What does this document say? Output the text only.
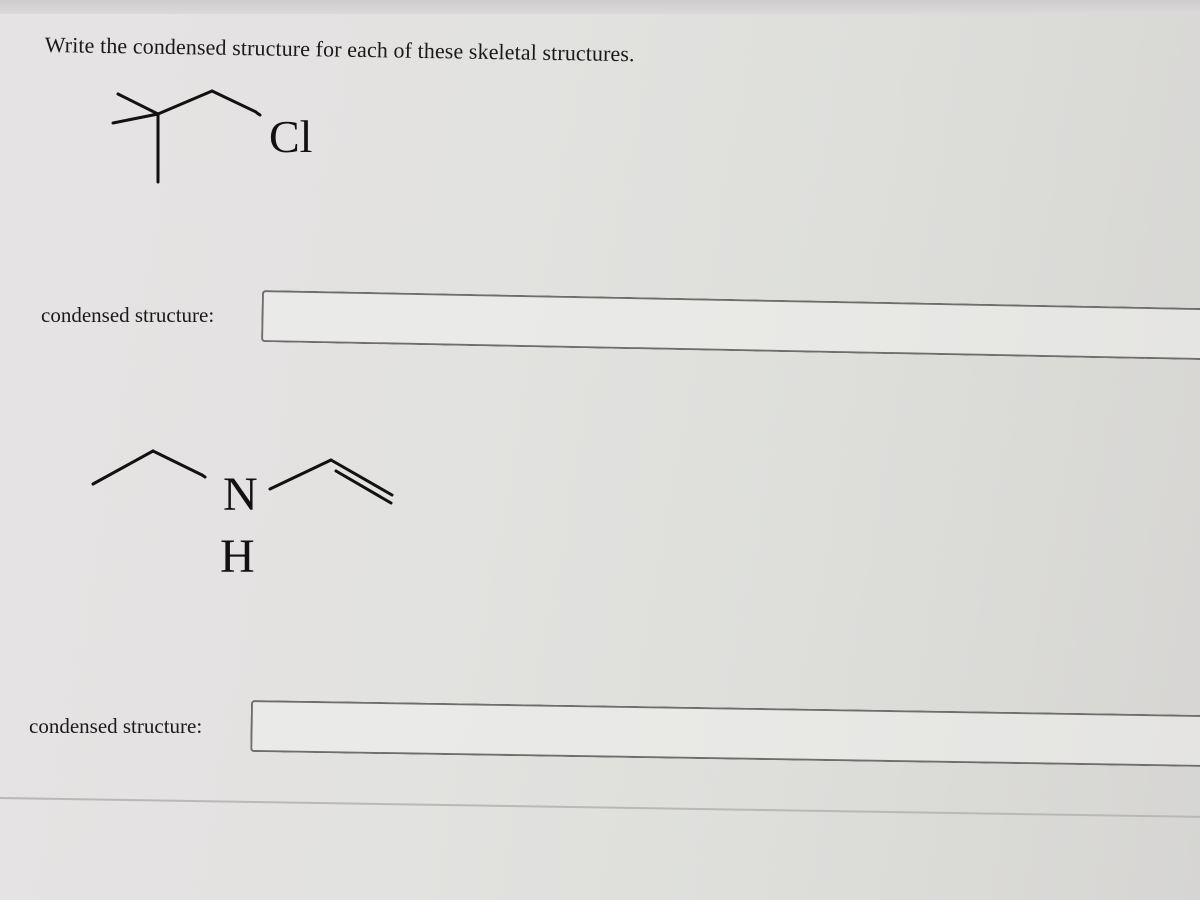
Write the condensed structure for each of these skeletal structures.
Cl
condensed structure:
N
H
condensed structure:
